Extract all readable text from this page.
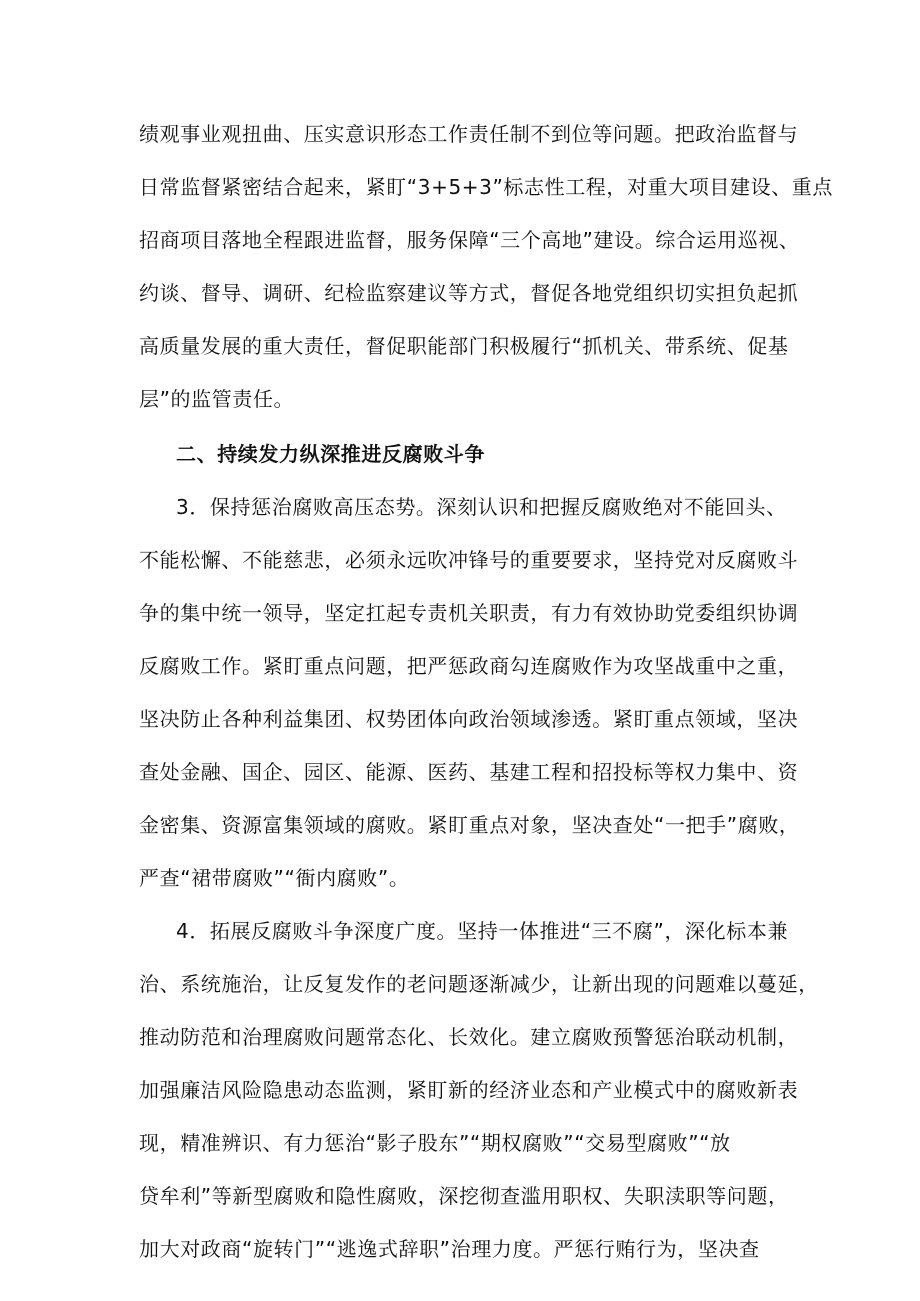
绩观事业观扭曲、压实意识形态工作责任制不到位等问题。把政治监督与
日常监督紧密结合起来，紧盯“3+5+3”标志性工程，对重大项目建设、重点
招商项目落地全程跟进监督，服务保障“三个高地”建设。综合运用巡视、
约谈、督导、调研、纪检监察建议等方式，督促各地党组织切实担负起抓
高质量发展的重大责任，督促职能部门积极履行“抓机关、带系统、促基
层”的监管责任。
二、持续发力纵深推进反腐败斗争
3．保持惩治腐败高压态势。深刻认识和把握反腐败绝对不能回头、
不能松懈、不能慈悲，必须永远吹冲锋号的重要要求，坚持党对反腐败斗
争的集中统一领导，坚定扛起专责机关职责，有力有效协助党委组织协调
反腐败工作。紧盯重点问题，把严惩政商勾连腐败作为攻坚战重中之重，
坚决防止各种利益集团、权势团体向政治领域渗透。紧盯重点领域，坚决
查处金融、国企、园区、能源、医药、基建工程和招投标等权力集中、资
金密集、资源富集领域的腐败。紧盯重点对象，坚决查处“一把手”腐败，
严查“裙带腐败”“衙内腐败”。
4．拓展反腐败斗争深度广度。坚持一体推进“三不腐”，深化标本兼
治、系统施治，让反复发作的老问题逐渐减少，让新出现的问题难以蔓延，
推动防范和治理腐败问题常态化、长效化。建立腐败预警惩治联动机制，
加强廉洁风险隐患动态监测，紧盯新的经济业态和产业模式中的腐败新表
现，精准辨识、有力惩治“影子股东”“期权腐败”“交易型腐败”“放
贷牟利”等新型腐败和隐性腐败，深挖彻查滥用职权、失职渎职等问题，
加大对政商“旋转门”“逃逸式辞职”治理力度。严惩行贿行为，坚决查
